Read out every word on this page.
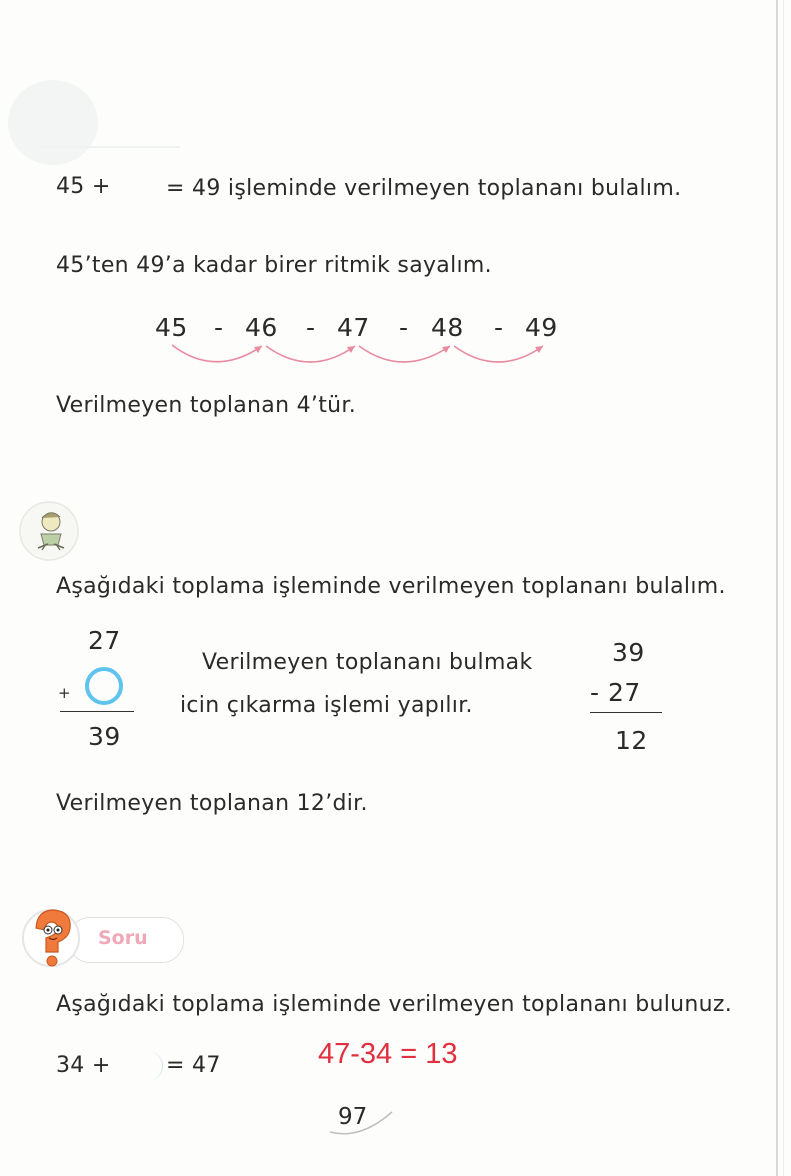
45 +	= 49 işleminde verilmeyen toplananı bulalım.
45’ten 49’a kadar birer ritmik sayalım.
45 - 46 - 47 - 48 - 49
Verilmeyen toplanan 4’tür.
Aşağıdaki toplama işleminde verilmeyen toplananı bulalım.
27
+
39
Verilmeyen toplananı bulmak
icin çıkarma işlemi yapılır.
39
- 27
12
Verilmeyen toplanan 12’dir.
Soru
Aşağıdaki toplama işleminde verilmeyen toplananı bulunuz.
34 +	= 47	47-34 = 13
97
